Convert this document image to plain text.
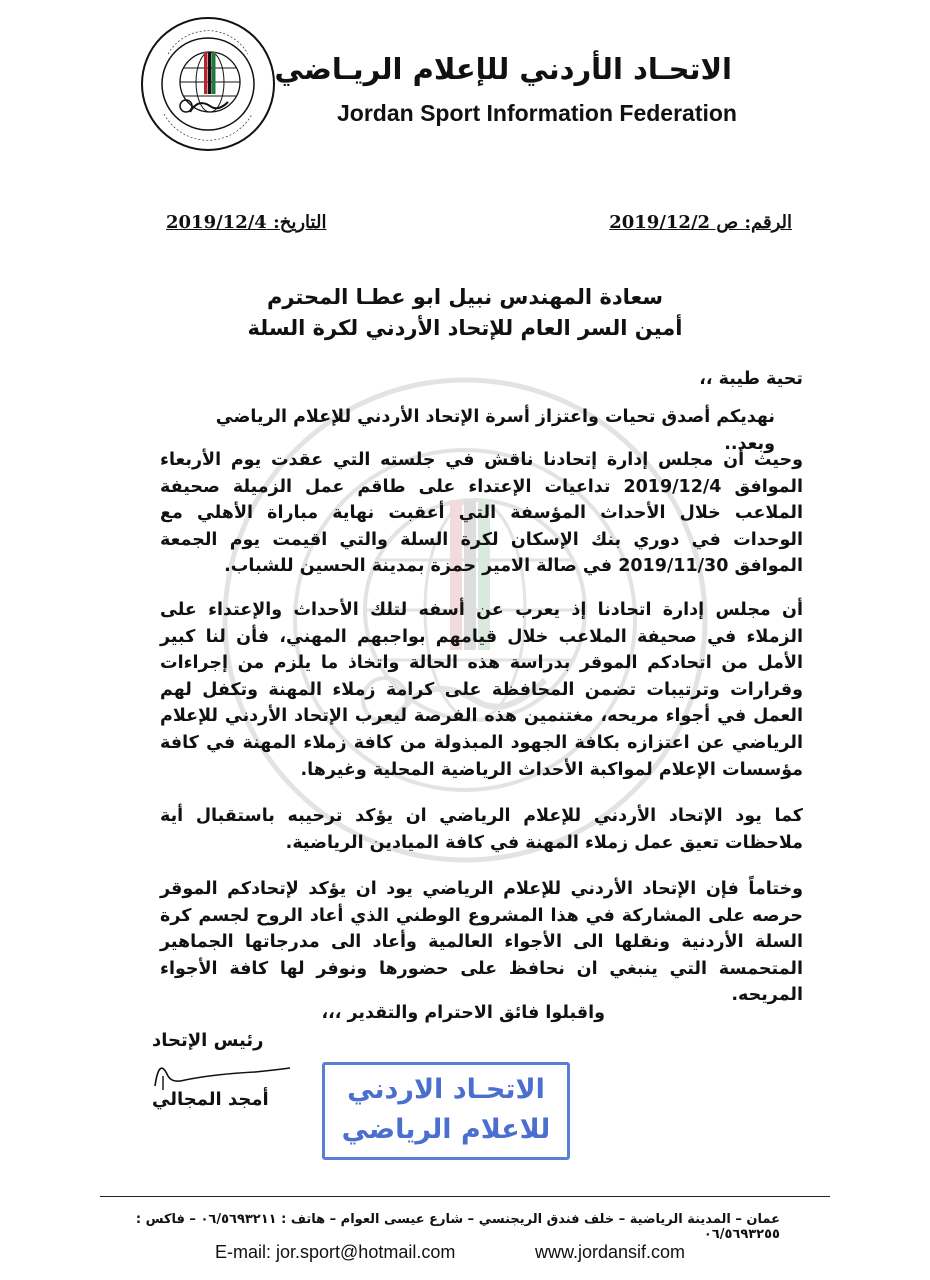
الاتحـاد الأردني للإعلام الريـاضي
Jordan Sport Information Federation
الرقم: ص 2019/12/2
التاريخ: 2019/12/4
سعادة المهندس نبيل ابو عطـا المحترم
أمين السر العام للإتحاد الأردني لكرة السلة
تحية طيبة ،،
نهديكم أصدق تحيات واعتزاز أسرة الإتحاد الأردني للإعلام الرياضي وبعد..
وحيث أن مجلس إدارة إتحادنا ناقش في جلسته التي عقدت يوم الأربعاء الموافق 2019/12/4 تداعيات الإعتداء على طاقم عمل الزميلة صحيفة الملاعب خلال الأحداث المؤسفة التي أعقبت نهاية مباراة الأهلي مع الوحدات في دوري بنك الإسكان لكرة السلة والتي اقيمت يوم الجمعة الموافق 2019/11/30 في صالة الامير حمزة بمدينة الحسين للشباب.
أن مجلس إدارة اتحادنا إذ يعرب عن أسفه لتلك الأحداث والإعتداء على الزملاء في صحيفة الملاعب خلال قيامهم بواجبهم المهني، فأن لنا كبير الأمل من اتحادكم الموقر بدراسة هذه الحالة واتخاذ ما يلزم من إجراءات وقرارات وترتيبات تضمن المحافظة على كرامة زملاء المهنة وتكفل لهم العمل في أجواء مريحه، مغتنمين هذه الفرصة ليعرب الإتحاد الأردني للإعلام الرياضي عن اعتزازه بكافة الجهود المبذولة من كافة زملاء المهنة في كافة مؤسسات الإعلام لمواكبة الأحداث الرياضية المحلية وغيرها.
كما يود الإتحاد الأردني للإعلام الرياضي ان يؤكد ترحيبه باستقبال أية ملاحظات تعيق عمل زملاء المهنة في كافة الميادين الرياضية.
وختاماً فإن الإتحاد الأردني للإعلام الرياضي يود ان يؤكد لإتحادكم الموقر حرصه على المشاركة في هذا المشروع الوطني الذي أعاد الروح لجسم كرة السلة الأردنية ونقلها الى الأجواء العالمية وأعاد الى مدرجاتها الجماهير المتحمسة التي ينبغي ان نحافظ على حضورها ونوفر لها كافة الأجواء المريحه.
واقبلوا فائق الاحترام والتقدير ،،،
رئيس الإتحاد
أمجد المجالي	الاتحـاد الاردني
للاعلام الرياضي
عمان – المدينة الرياضية – خلف فندق الريجنسي – شارع عيسى العوام – هاتف : ٠٦/٥٦٩٣٢١١ – فاكس : ٠٦/٥٦٩٣٢٥٥
E-mail: jor.sport@hotmail.com	www.jordansif.com
